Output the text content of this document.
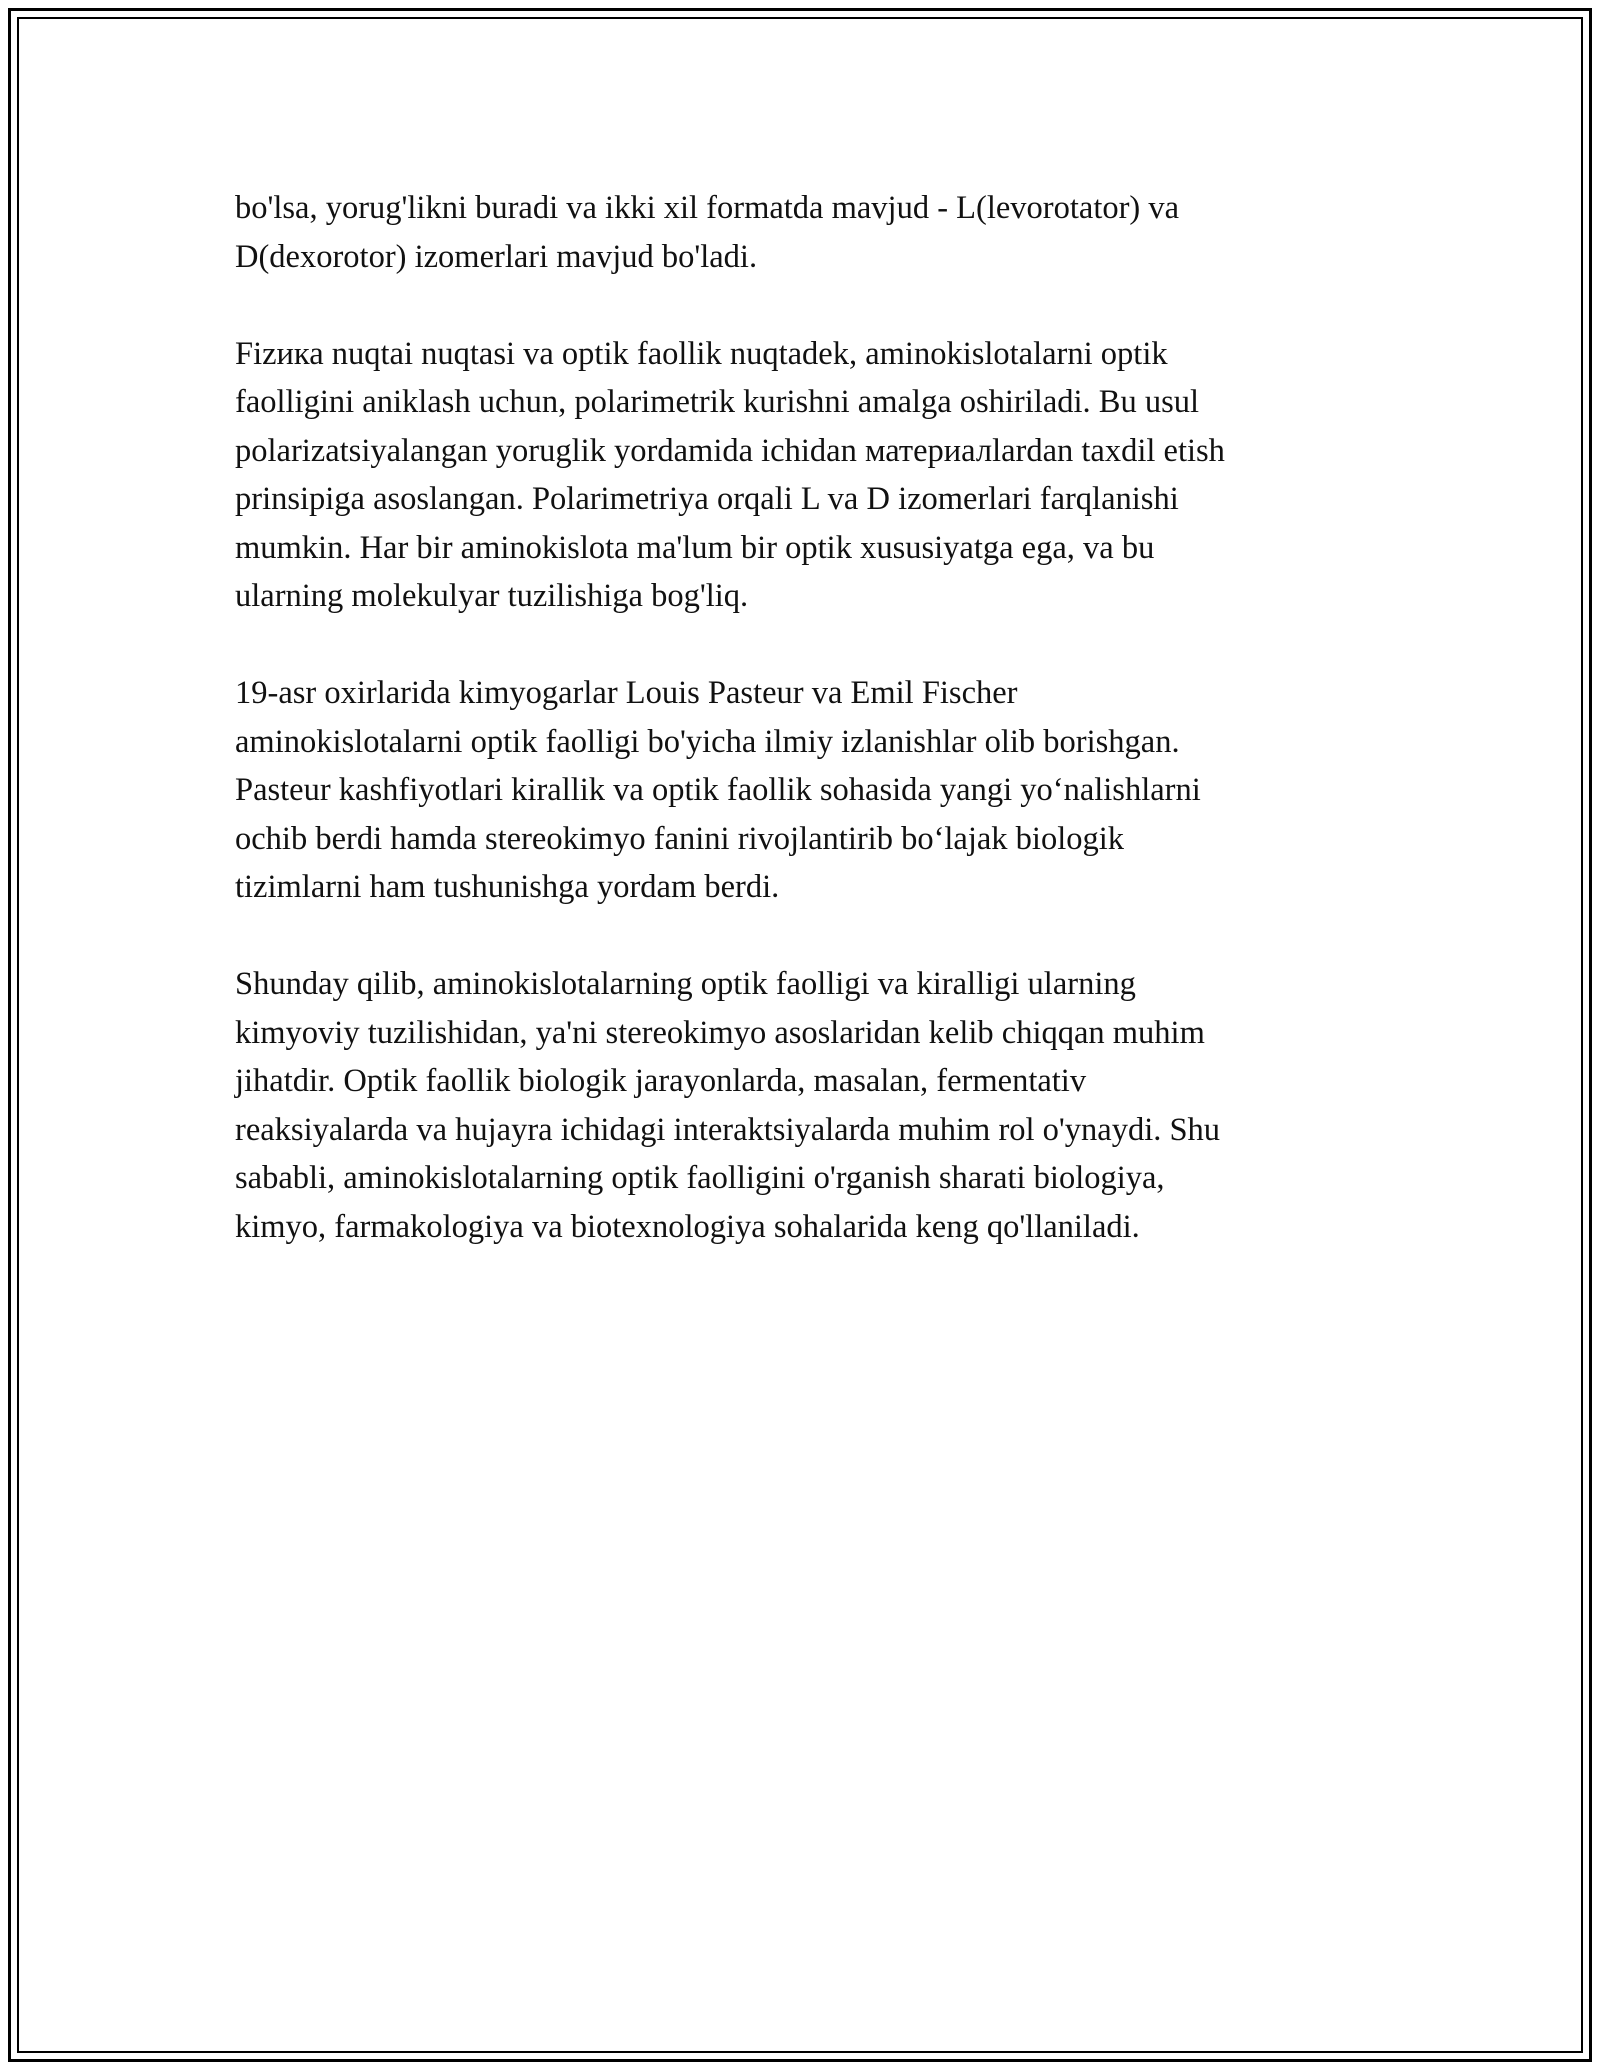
bo'lsa, yorug'likni buradi va ikki xil formatda mavjud - L(levorotator) va
D(dexorotor) izomerlari mavjud bo'ladi.

Fizика nuqtai nuqtasi va optik faollik nuqtadek, aminokislotalarni optik
faolligini aniklash uchun, polarimetrik kurishni amalga oshiriladi. Bu usul
polarizatsiyalangan yoruglik yordamida ichidan материалlardan taxdil etish
prinsipiga asoslangan. Polarimetriya orqali L va D izomerlari farqlanishi
mumkin. Har bir aminokislota ma'lum bir optik xususiyatga ega, va bu
ularning molekulyar tuzilishiga bog'liq.

19-asr oxirlarida kimyogarlar Louis Pasteur va Emil Fischer
aminokislotalarni optik faolligi bo'yicha ilmiy izlanishlar olib borishgan.
Pasteur kashfiyotlari kirallik va optik faollik sohasida yangi yo‘nalishlarni
ochib berdi hamda stereokimyo fanini rivojlantirib bo‘lajak biologik
tizimlarni ham tushunishga yordam berdi.

Shunday qilib, aminokislotalarning optik faolligi va kiralligi ularning
kimyoviy tuzilishidan, ya'ni stereokimyo asoslaridan kelib chiqqan muhim
jihatdir. Optik faollik biologik jarayonlarda, masalan, fermentativ
reaksiyalarda va hujayra ichidagi interaktsiyalarda muhim rol o'ynaydi. Shu
sababli, aminokislotalarning optik faolligini o'rganish sharati biologiya,
kimyo, farmakologiya va biotexnologiya sohalarida keng qo'llaniladi.
